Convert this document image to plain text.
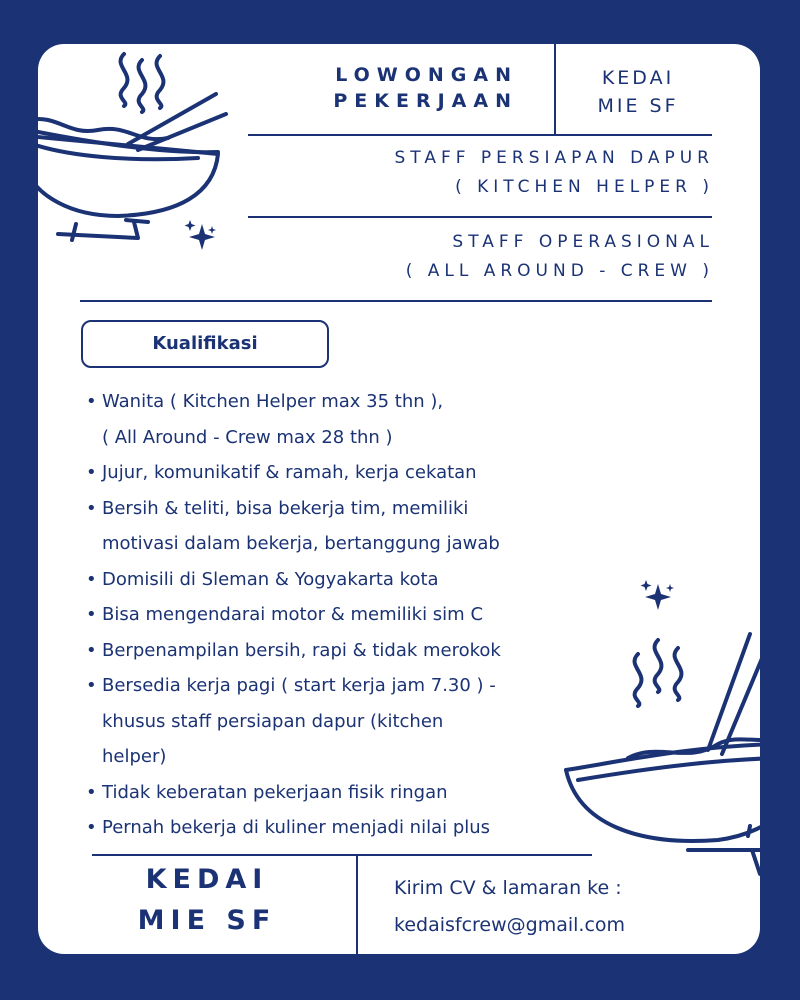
LOWONGAN
PEKERJAAN
KEDAI
MIE SF
STAFF PERSIAPAN DAPUR
( KITCHEN HELPER )
STAFF OPERASIONAL
( ALL AROUND - CREW )
Kualifikasi
• Wanita ( Kitchen Helper max 35 thn ),
( All Around - Crew max 28 thn )
• Jujur, komunikatif & ramah, kerja cekatan
• Bersih & teliti, bisa bekerja tim, memiliki
motivasi dalam bekerja, bertanggung jawab
• Domisili di Sleman & Yogyakarta kota
• Bisa mengendarai motor & memiliki sim C
• Berpenampilan bersih, rapi & tidak merokok
• Bersedia kerja pagi ( start kerja jam 7.30 ) -
khusus staff persiapan dapur (kitchen
helper)
• Tidak keberatan pekerjaan fisik ringan
• Pernah bekerja di kuliner menjadi nilai plus
KEDAI
MIE SF
Kirim CV & lamaran ke :
kedaisfcrew@gmail.com
